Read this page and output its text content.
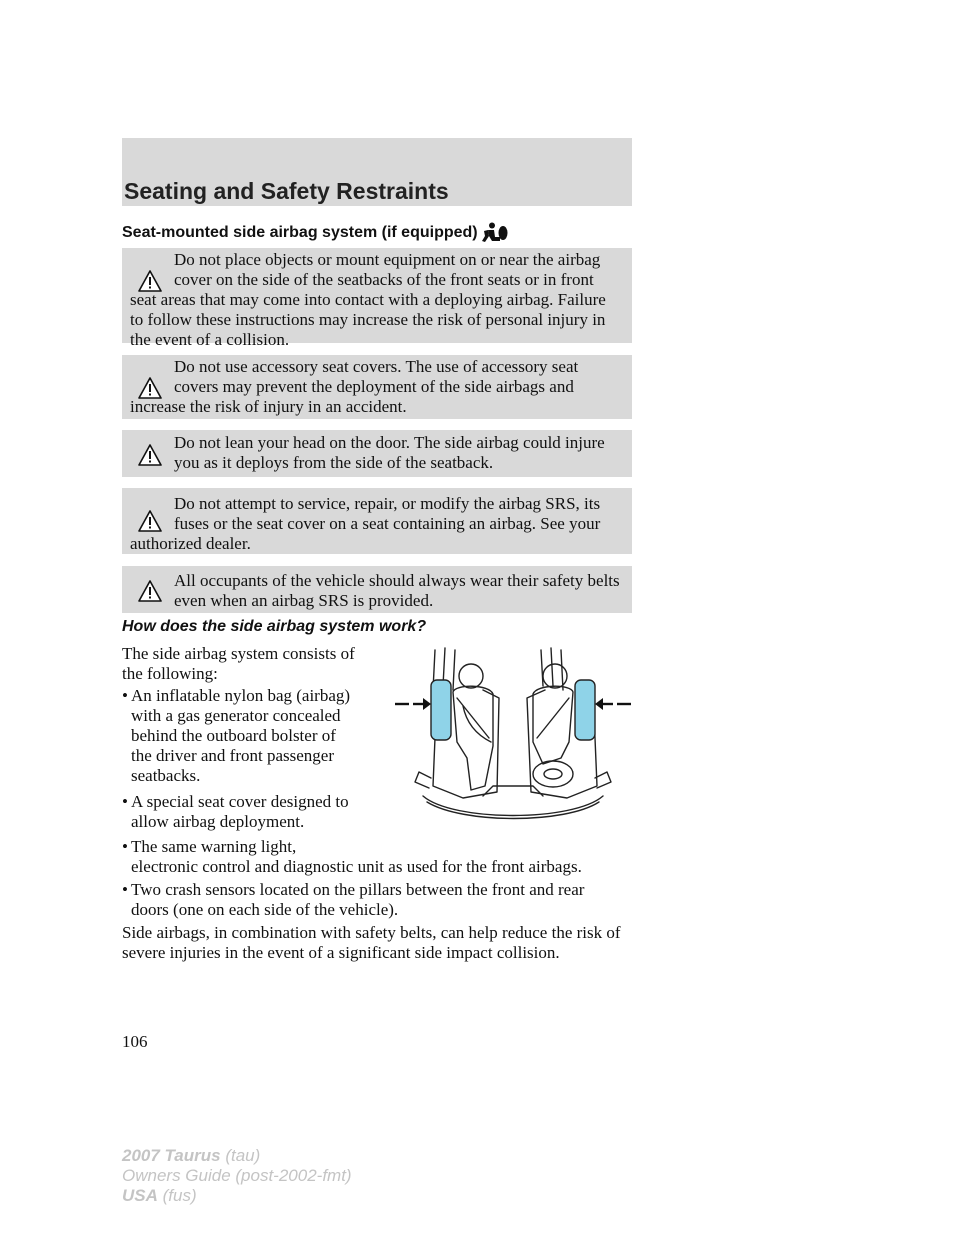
Seating and Safety Restraints
Seat-mounted side airbag system (if equipped)
Do not place objects or mount equipment on or near the airbag
cover on the side of the seatbacks of the front seats or in front
seat areas that may come into contact with a deploying airbag. Failure
to follow these instructions may increase the risk of personal injury in
the event of a collision.
Do not use accessory seat covers. The use of accessory seat
covers may prevent the deployment of the side airbags and
increase the risk of injury in an accident.
Do not lean your head on the door. The side airbag could injure
you as it deploys from the side of the seatback.
Do not attempt to service, repair, or modify the airbag SRS, its
fuses or the seat cover on a seat containing an airbag. See your
authorized dealer.
All occupants of the vehicle should always wear their safety belts
even when an airbag SRS is provided.
How does the side airbag system work?
The side airbag system consists of
the following:
• An inflatable nylon bag (airbag)
with a gas generator concealed
behind the outboard bolster of
the driver and front passenger
seatbacks.
• A special seat cover designed to
allow airbag deployment.
• The same warning light,
electronic control and diagnostic unit as used for the front airbags.
• Two crash sensors located on the pillars between the front and rear
doors (one on each side of the vehicle).
Side airbags, in combination with safety belts, can help reduce the risk of
severe injuries in the event of a significant side impact collision.
106
2007 Taurus (tau)
Owners Guide (post-2002-fmt)
USA (fus)
